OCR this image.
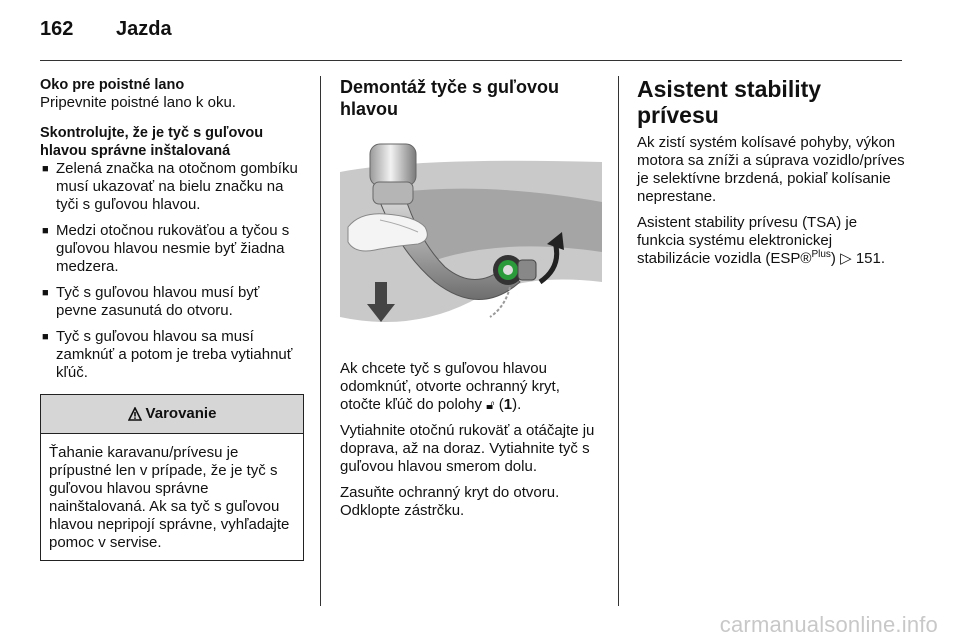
162 Jazda

Oko pre poistné lano

Pripevnite poistné lano k oku.

Skontrolujte, že je tyč s guľovou hlavou správne inštalovaná

■ Zelená značka na otočnom gombíku musí ukazovať na bielu značku na tyči s guľovou hlavou.
■ Medzi otočnou rukoväťou a tyčou s guľovou hlavou nesmie byť žiadna medzera.
■ Tyč s guľovou hlavou musí byť pevne zasunutá do otvoru.
■ Tyč s guľovou hlavou sa musí zamknúť a potom je treba vytiahnuť kľúč.
Varovanie
Ťahanie karavanu/prívesu je prípustné len v prípade, že je tyč s guľovou hlavou správne nainštalovaná. Ak sa tyč s guľovou hlavou nepripojí správne, vyhľadajte pomoc v servise.

Demontáž tyče s guľovou hlavou

Ak chcete tyč s guľovou hlavou odomknúť, otvorte ochranný kryt, otočte kľúč do polohy 🔓︎ (1).

Vytiahnite otočnú rukoväť a otáčajte ju doprava, až na doraz. Vytiahnite tyč s guľovou hlavou smerom dolu.

Zasuňte ochranný kryt do otvoru. Odklopte zástrčku.

Asistent stability prívesu

Ak zistí systém kolísavé pohyby, výkon motora sa zníži a súprava vozidlo/príves je selektívne brzdená, pokiaľ kolísanie neprestane.

Asistent stability prívesu (TSA) je funkcia systému elektronickej stabilizácie vozidla (ESP®$^{Plus}$) ▷ 151.

carmanualsonline.info
